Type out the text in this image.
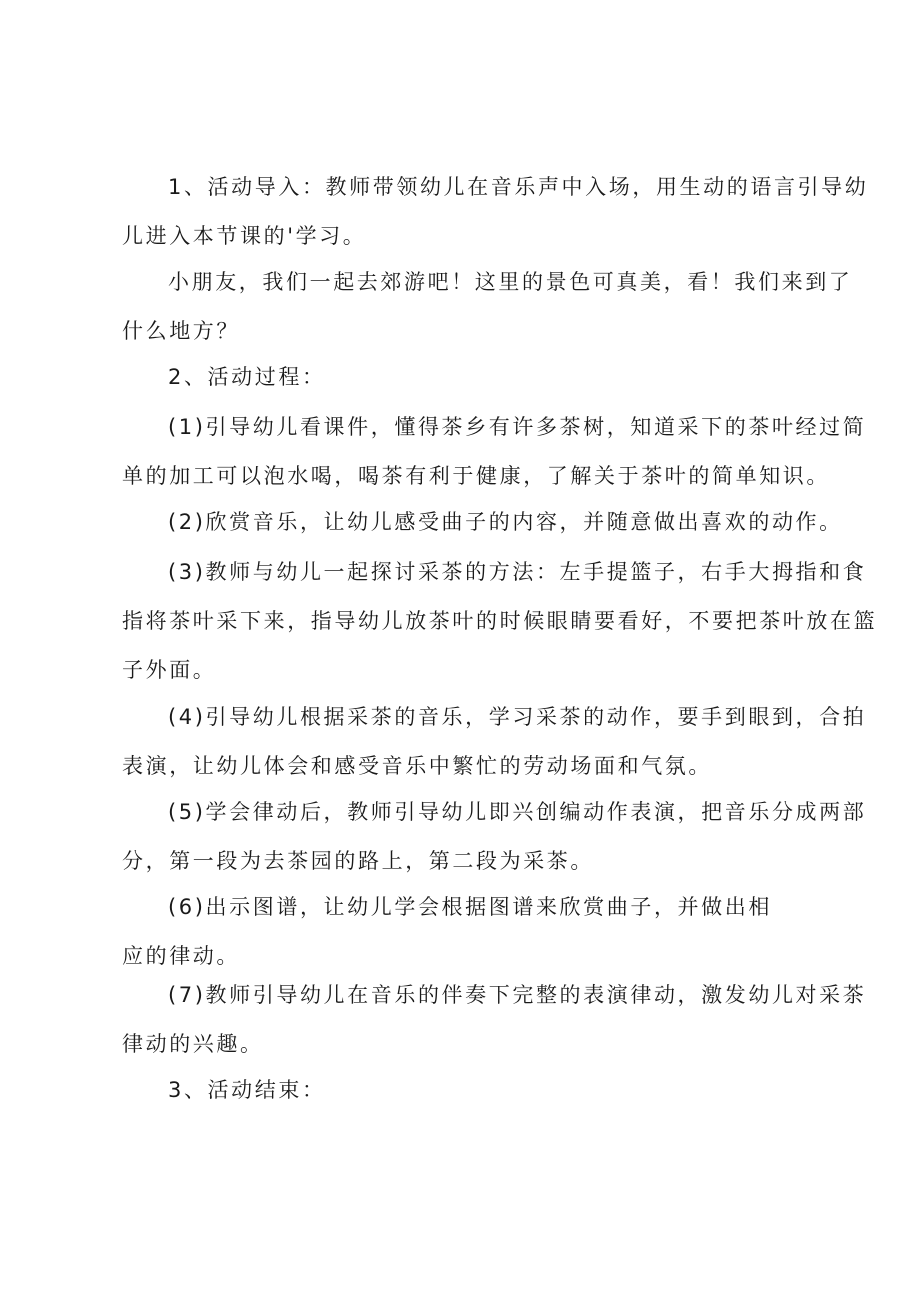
1、活动导入：教师带领幼儿在音乐声中入场，用生动的语言引导幼
儿进入本节课的'学习。

小朋友，我们一起去郊游吧！这里的景色可真美，看！我们来到了
什么地方？

2、活动过程：

(1)引导幼儿看课件，懂得茶乡有许多茶树，知道采下的茶叶经过简
单的加工可以泡水喝，喝茶有利于健康，了解关于茶叶的简单知识。

(2)欣赏音乐，让幼儿感受曲子的内容，并随意做出喜欢的动作。

(3)教师与幼儿一起探讨采茶的方法：左手提篮子，右手大拇指和食
指将茶叶采下来，指导幼儿放茶叶的时候眼睛要看好，不要把茶叶放在篮
子外面。

(4)引导幼儿根据采茶的音乐，学习采茶的动作，要手到眼到，合拍
表演，让幼儿体会和感受音乐中繁忙的劳动场面和气氛。

(5)学会律动后，教师引导幼儿即兴创编动作表演，把音乐分成两部
分，第一段为去茶园的路上，第二段为采茶。

(6)出示图谱，让幼儿学会根据图谱来欣赏曲子，并做出相
应的律动。

(7)教师引导幼儿在音乐的伴奏下完整的表演律动，激发幼儿对采茶
律动的兴趣。

3、活动结束：
